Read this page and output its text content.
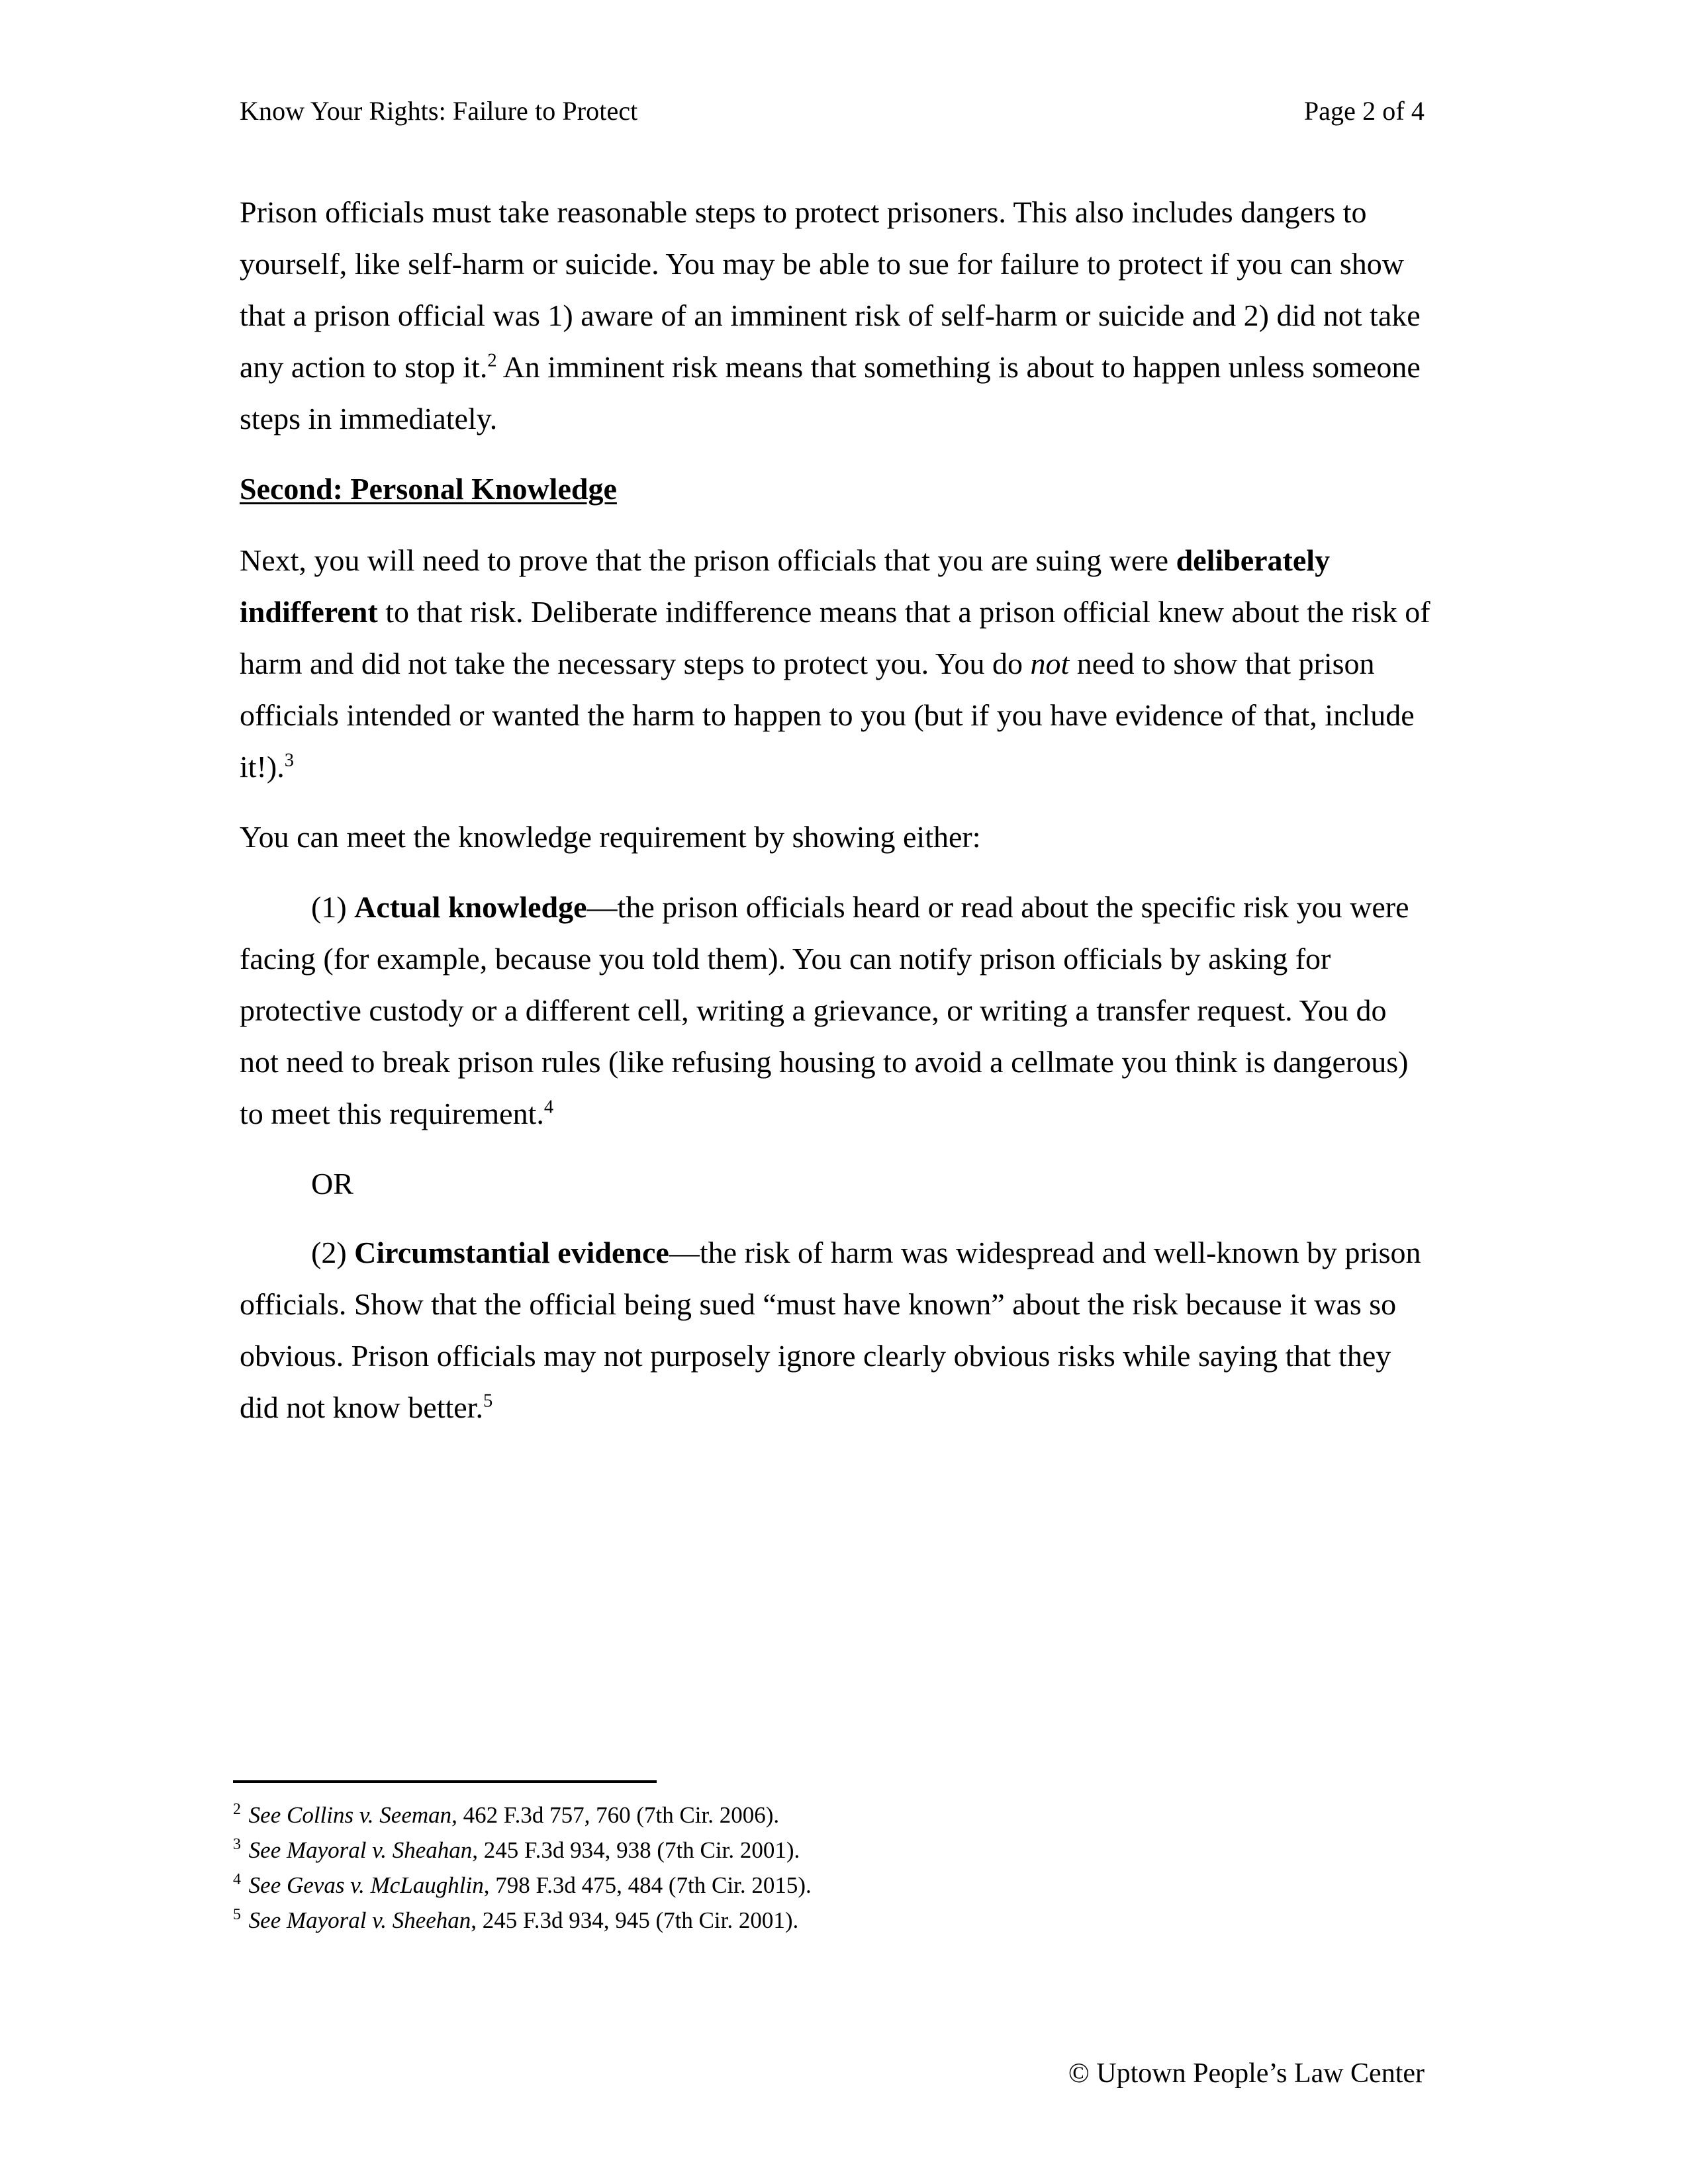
Know Your Rights: Failure to Protect	Page 2 of 4

Prison officials must take reasonable steps to protect prisoners. This also includes dangers to yourself, like self-harm or suicide. You may be able to sue for failure to protect if you can show that a prison official was 1) aware of an imminent risk of self-harm or suicide and 2) did not take any action to stop it.$^2$ An imminent risk means that something is about to happen unless someone steps in immediately.

Second: Personal Knowledge

Next, you will need to prove that the prison officials that you are suing were deliberately indifferent to that risk. Deliberate indifference means that a prison official knew about the risk of harm and did not take the necessary steps to protect you. You do not need to show that prison officials intended or wanted the harm to happen to you (but if you have evidence of that, include it!).$^3$

You can meet the knowledge requirement by showing either:

(1) Actual knowledge—the prison officials heard or read about the specific risk you were facing (for example, because you told them). You can notify prison officials by asking for protective custody or a different cell, writing a grievance, or writing a transfer request. You do not need to break prison rules (like refusing housing to avoid a cellmate you think is dangerous) to meet this requirement.$^4$

OR

(2) Circumstantial evidence—the risk of harm was widespread and well-known by prison officials. Show that the official being sued “must have known” about the risk because it was so obvious. Prison officials may not purposely ignore clearly obvious risks while saying that they did not know better.$^5$

$^2$ See Collins v. Seeman, 462 F.3d 757, 760 (7th Cir. 2006).

$^3$ See Mayoral v. Sheahan, 245 F.3d 934, 938 (7th Cir. 2001).

$^4$ See Gevas v. McLaughlin, 798 F.3d 475, 484 (7th Cir. 2015).

$^5$ See Mayoral v. Sheehan, 245 F.3d 934, 945 (7th Cir. 2001).

© Uptown People’s Law Center
